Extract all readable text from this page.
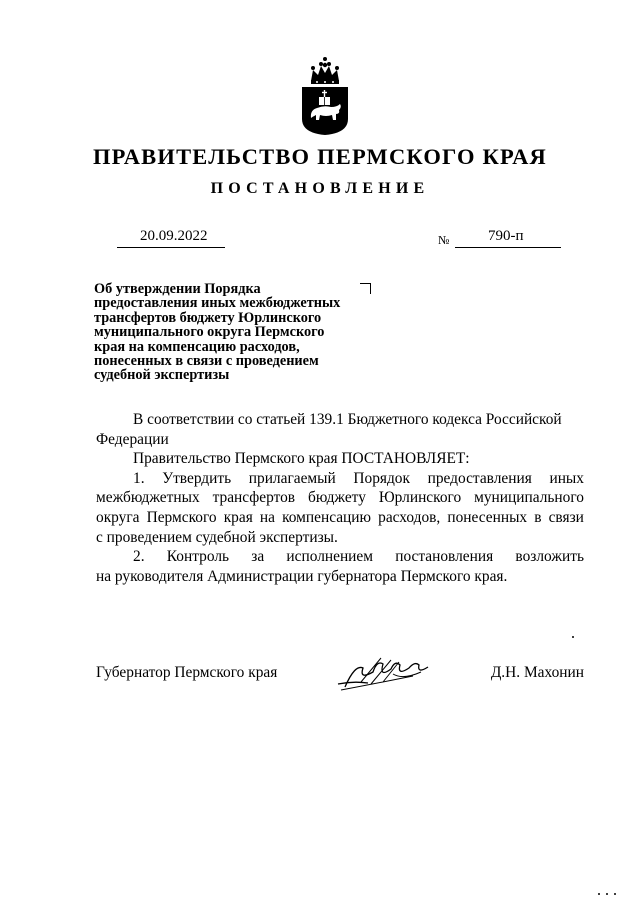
ПРАВИТЕЛЬСТВО ПЕРМСКОГО КРАЯ
ПОСТАНОВЛЕНИЕ
20.09.2022	№	790-п
Об утверждении Порядка
предоставления иных межбюджетных
трансфертов бюджету Юрлинского
муниципального округа Пермского
края на компенсацию расходов,
понесенных в связи с проведением
судебной экспертизы
В соответствии со статьей 139.1 Бюджетного кодекса Российской
Федерации
Правительство Пермского края ПОСТАНОВЛЯЕТ:
1. Утвердить прилагаемый Порядок предоставления иных
межбюджетных трансфертов бюджету Юрлинского муниципального
округа Пермского края на компенсацию расходов, понесенных в связи
с проведением судебной экспертизы.
2. Контроль за исполнением постановления возложить
на руководителя Администрации губернатора Пермского края.
Губернатор Пермского края	Д.Н. Махонин
